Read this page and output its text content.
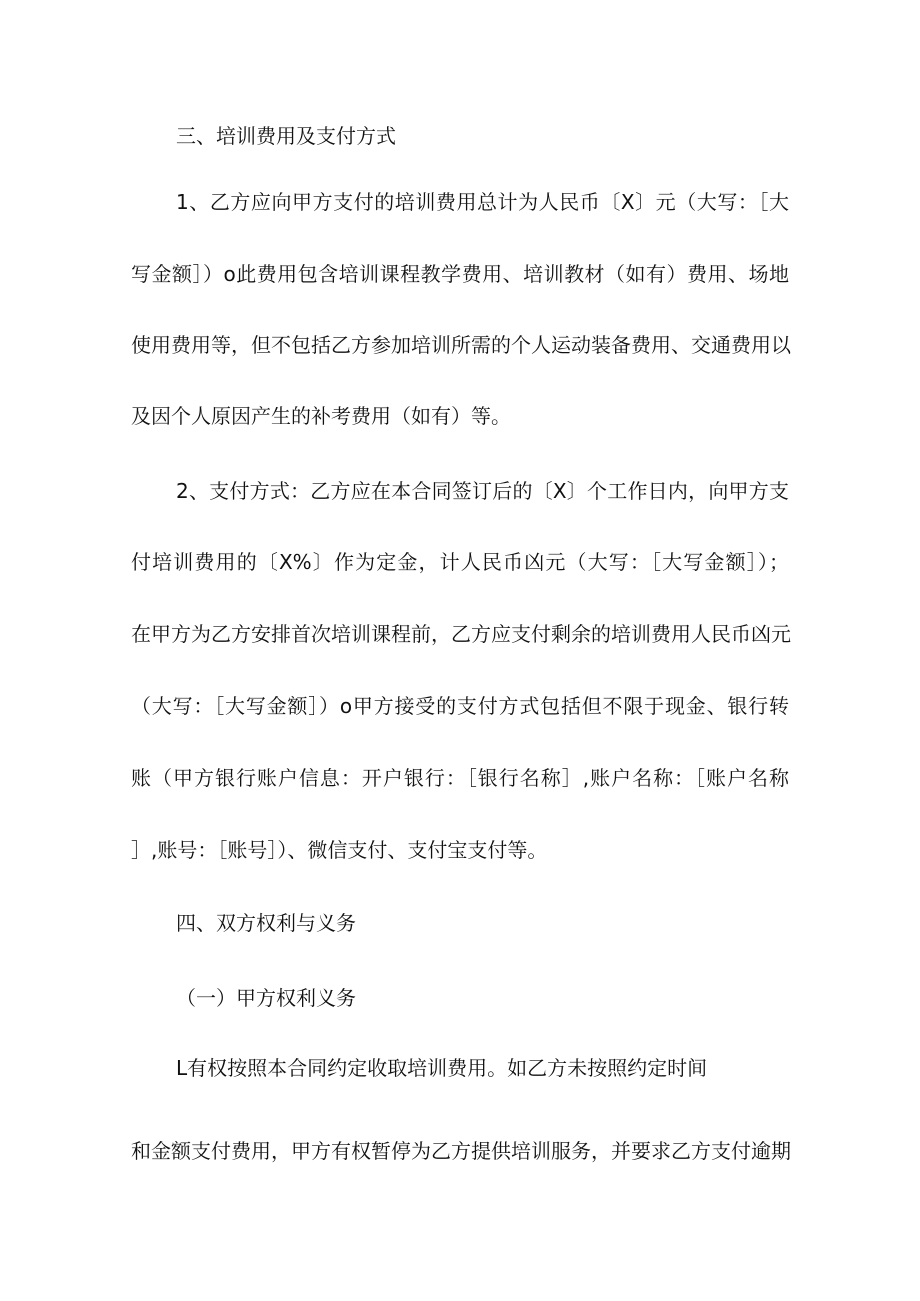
三、培训费用及支付方式

1、乙方应向甲方支付的培训费用总计为人民币〔X〕元（大写：［大

写金额］）o此费用包含培训课程教学费用、培训教材（如有）费用、场地

使用费用等，但不包括乙方参加培训所需的个人运动装备费用、交通费用以

及因个人原因产生的补考费用（如有）等。

2、支付方式：乙方应在本合同签订后的〔X〕个工作日内，向甲方支

付培训费用的〔X%〕作为定金，计人民币凶元（大写：［大写金额］）；

在甲方为乙方安排首次培训课程前，乙方应支付剩余的培训费用人民币凶元

（大写：［大写金额］）o甲方接受的支付方式包括但不限于现金、银行转

账（甲方银行账户信息：开户银行：［银行名称］,账户名称：［账户名称

］,账号：［账号］）、微信支付、支付宝支付等。

四、双方权利与义务

（一）甲方权利义务

L有权按照本合同约定收取培训费用。如乙方未按照约定时间

和金额支付费用，甲方有权暂停为乙方提供培训服务，并要求乙方支付逾期
